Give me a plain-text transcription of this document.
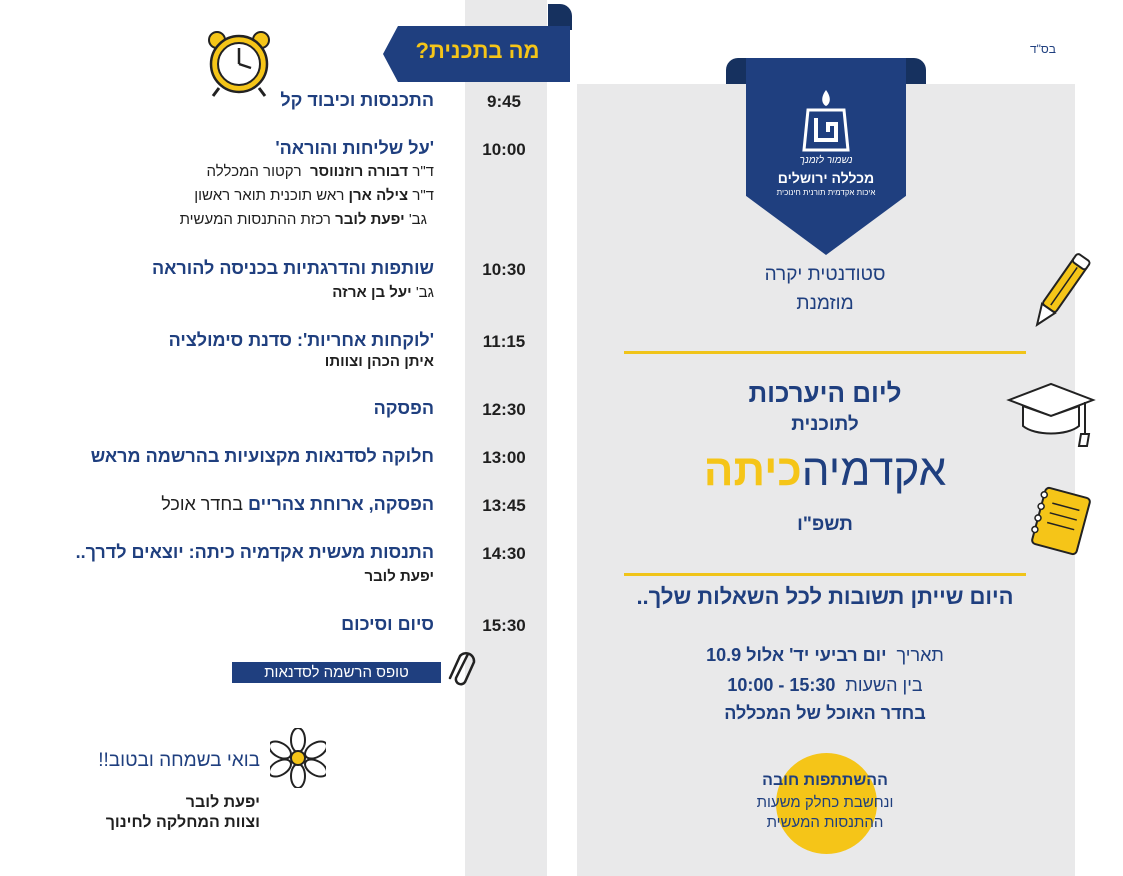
בס"ד
מה בתכנית?
9:45
התכנסות וכיבוד קל
10:00
'על שליחות והוראה'
ד"ר דבורה רוזנווסר  רקטור המכללה
ד"ר צילה ארן ראש תוכנית תואר ראשון
גב' יפעת לובר רכזת ההתנסות המעשית
10:30
שותפות והדרגתיות בכניסה להוראה
גב' יעל בן ארזה
11:15
'לוקחות אחריות': סדנת סימולציה
איתן הכהן וצוותו
12:30
הפסקה
13:00
חלוקה לסדנאות מקצועיות בהרשמה מראש
13:45
הפסקה, ארוחת צהריים בחדר אוכל
14:30
התנסות מעשית אקדמיה כיתה: יוצאים לדרך..
יפעת לובר
15:30
סיום וסיכום
טופס הרשמה לסדנאות
בואי בשמחה ובטוב!!
יפעת לובר
וצוות המחלקה לחינוך
נשמור לזמנך
מכללה ירושלים
איכות אקדמית תורנית חינוכית
סטודנטית יקרה
מוזמנת
ליום היערכות
לתוכנית
אקדמיהכיתה
תשפ"ו
היום שייתן תשובות לכל השאלות שלך..
תאריך  יום רביעי יד' אלול 10.9
בין השעות  10:00 - 15:30
בחדר האוכל של המכללה
ההשתתפות חובה
ונחשבת כחלק משעות
ההתנסות המעשית
